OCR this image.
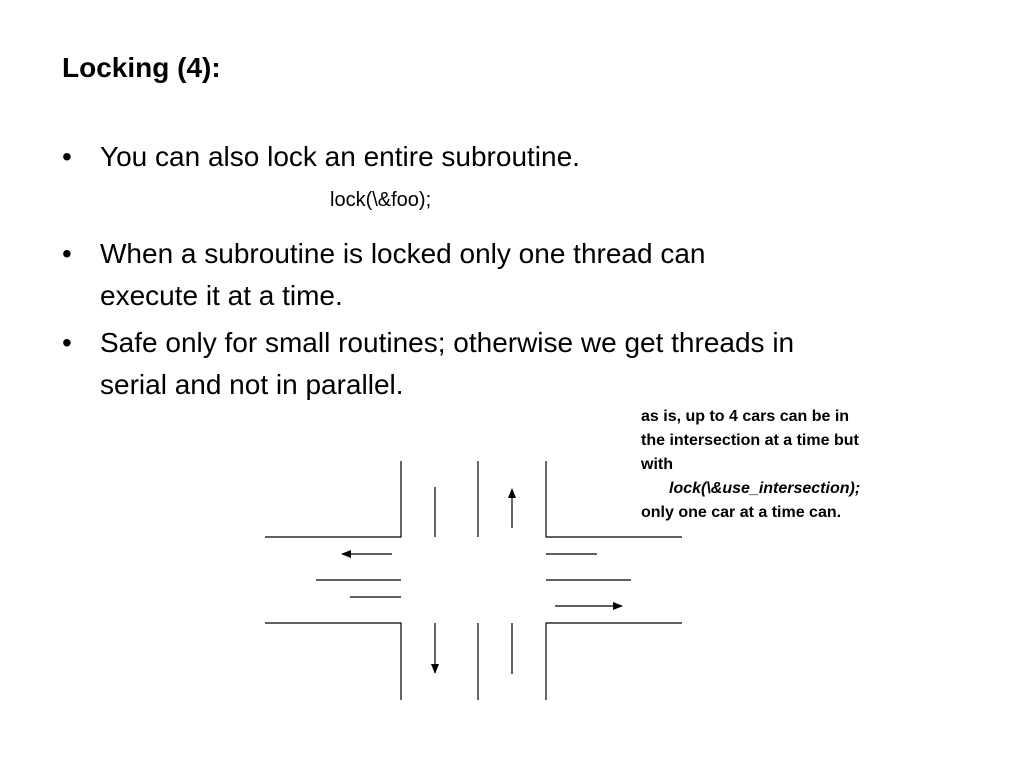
Locking (4):
• You can also lock an entire subroutine.
lock(\&foo);
• When a subroutine is locked only one thread can
execute it at a time.
• Safe only for small routines; otherwise we get threads in
serial and not in parallel.
as is, up to 4 cars can be in
the intersection at a time but
with
lock(\&use_intersection);
only one car at a time can.
